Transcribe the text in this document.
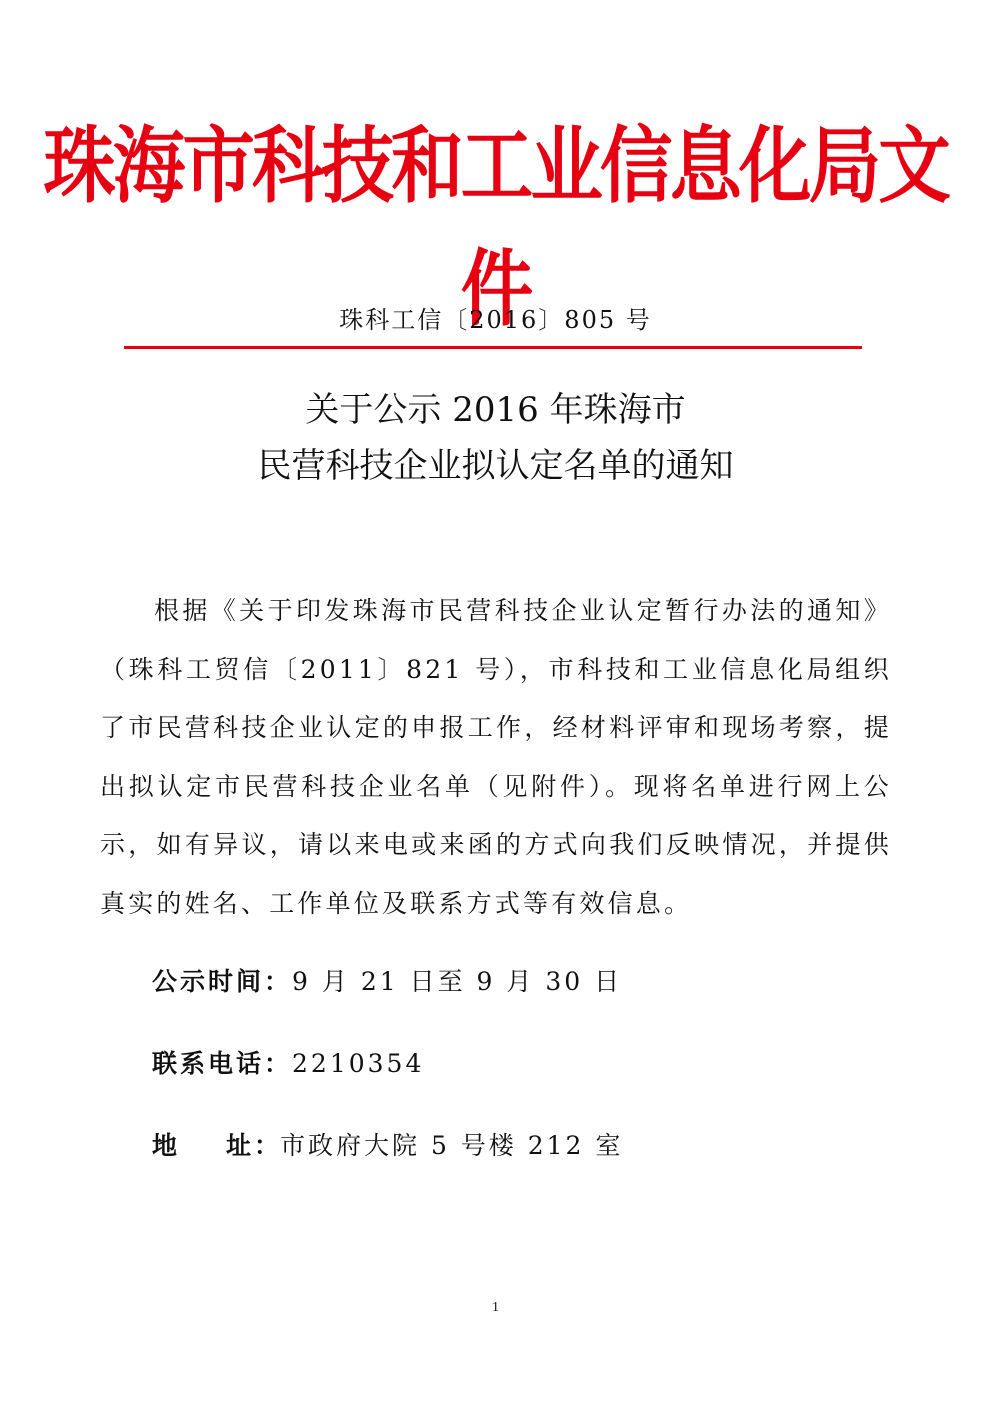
珠海市科技和工业信息化局文件
珠科工信〔2016〕805 号
关于公示 2016 年珠海市
民营科技企业拟认定名单的通知

根据《关于印发珠海市民营科技企业认定暂行办法的通知》（珠科工贸信〔2011〕821 号），市科技和工业信息化局组织了市民营科技企业认定的申报工作，经材料评审和现场考察，提出拟认定市民营科技企业名单（见附件）。现将名单进行网上公示，如有异议，请以来电或来函的方式向我们反映情况，并提供真实的姓名、工作单位及联系方式等有效信息。

公示时间：9 月 21 日至 9 月 30 日
联系电话：2210354
地 址：市政府大院 5 号楼 212 室
1
